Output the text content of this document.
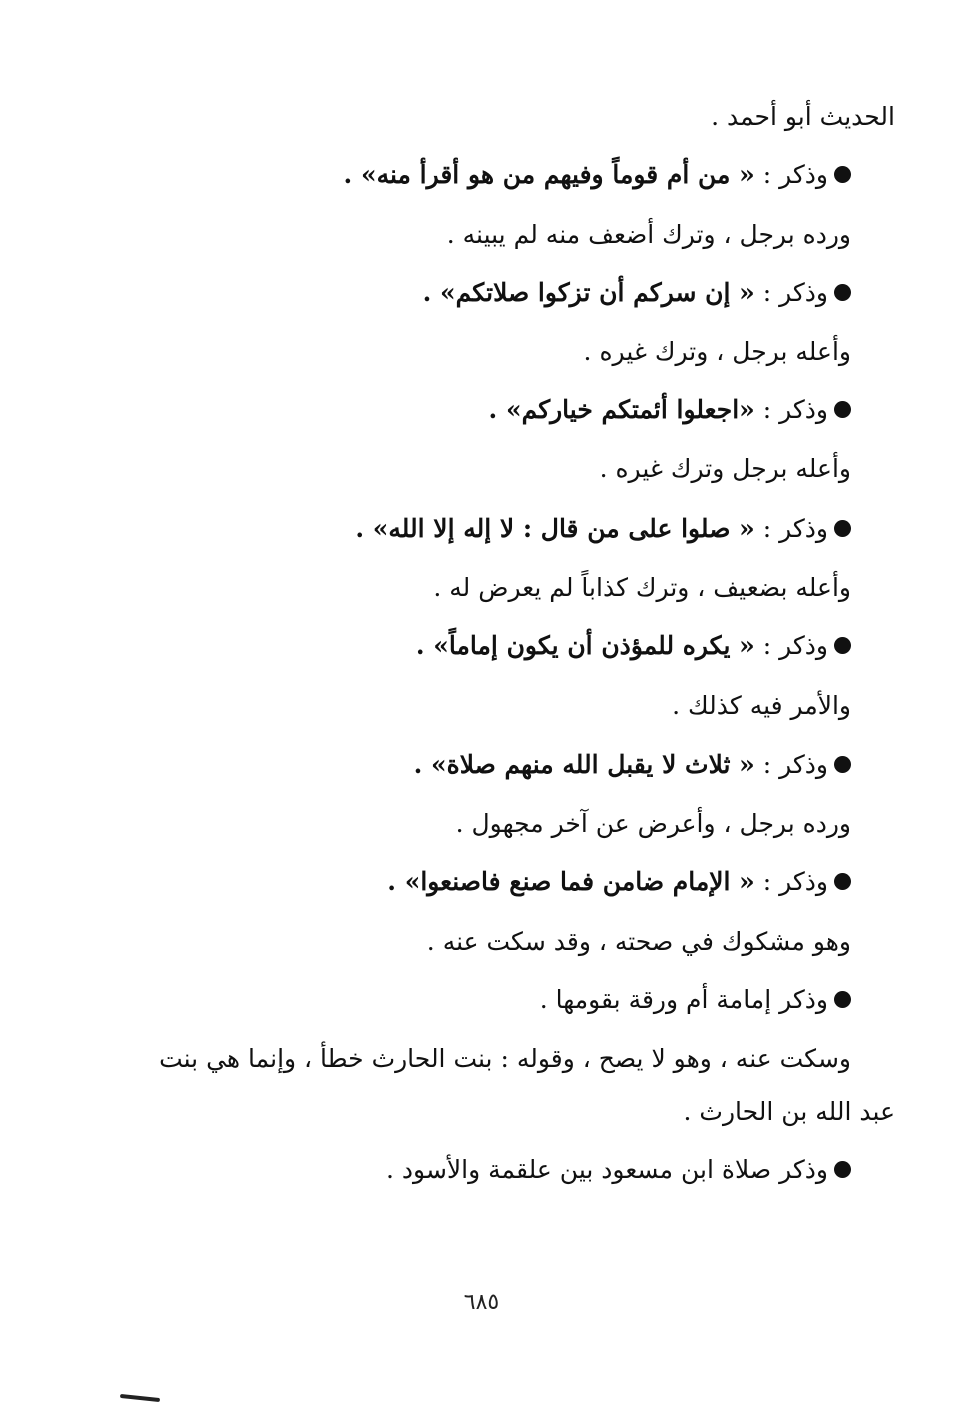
الحديث أبو أحمد .
وذكر : « من أم قوماً وفيهم من هو أقرأ منه» .
ورده برجل ، وترك أضعف منه لم يبينه .
وذكر : « إن سركم أن تزكوا صلاتكم» .
وأعله برجل ، وترك غيره .
وذكر : «اجعلوا أئمتكم خياركم» .
وأعله برجل وترك غيره .
وذكر : « صلوا على من قال : لا إله إلا الله» .
وأعله بضعيف ، وترك كذاباً لم يعرض له .
وذكر : « يكره للمؤذن أن يكون إماماً» .
والأمر فيه كذلك .
وذكر : « ثلاث لا يقبل الله منهم صلاة» .
ورده برجل ، وأعرض عن آخر مجهول .
وذكر : « الإمام ضامن فما صنع فاصنعوا» .
وهو مشكوك في صحته ، وقد سكت عنه .
وذكر إمامة أم ورقة بقومها .
وسكت عنه ، وهو لا يصح ، وقوله : بنت الحارث خطأ ، وإنما هي بنت
عبد الله بن الحارث .
وذكر صلاة ابن مسعود بين علقمة والأسود .
٦٨٥
